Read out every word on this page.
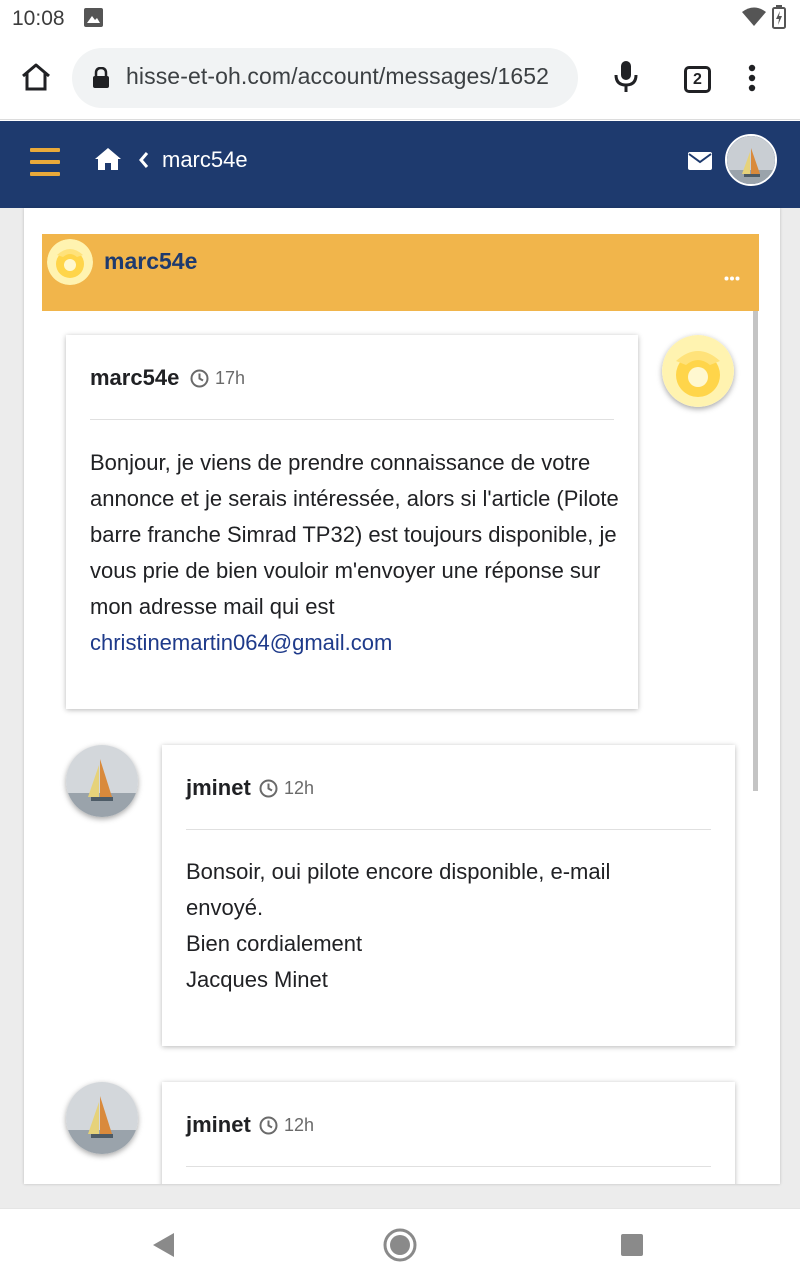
10:08
hisse-et-oh.com/account/messages/1652	2
marc54e
marc54e
marc54e 17h
Bonjour, je viens de prendre connaissance de votre annonce et je serais intéressée, alors si l'article (Pilote barre franche Simrad TP32) est toujours disponible, je vous prie de bien vouloir m'envoyer une réponse sur mon adresse mail qui est christinemartin064@gmail.com
jminet 12h
Bonsoir, oui pilote encore disponible, e-mail envoyé.
Bien cordialement
Jacques Minet
jminet 12h
